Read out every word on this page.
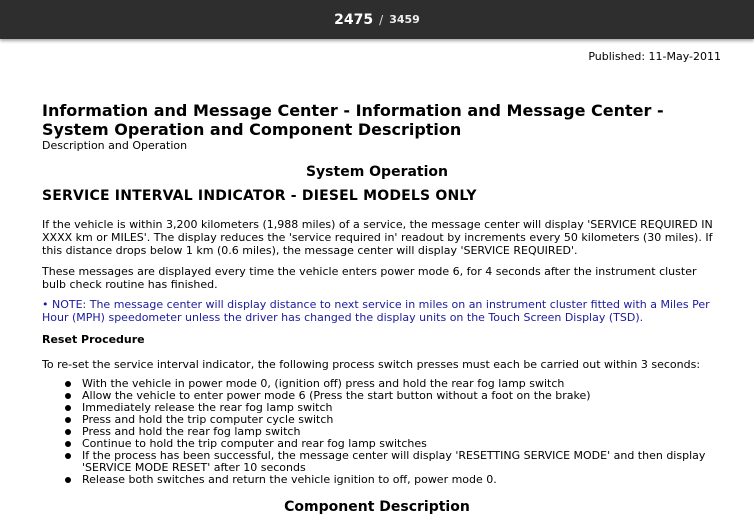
2475 / 3459
Published: 11-May-2011
Information and Message Center - Information and Message Center - System Operation and Component Description
Description and Operation
System Operation
SERVICE INTERVAL INDICATOR - DIESEL MODELS ONLY

If the vehicle is within 3,200 kilometers (1,988 miles) of a service, the message center will display 'SERVICE REQUIRED IN XXXX km or MILES'. The display reduces the 'service required in' readout by increments every 50 kilometers (30 miles). If this distance drops below 1 km (0.6 miles), the message center will display 'SERVICE REQUIRED'.

These messages are displayed every time the vehicle enters power mode 6, for 4 seconds after the instrument cluster bulb check routine has finished.

• NOTE: The message center will display distance to next service in miles on an instrument cluster fitted with a Miles Per Hour (MPH) speedometer unless the driver has changed the display units on the Touch Screen Display (TSD).

Reset Procedure

To re-set the service interval indicator, the following process switch presses must each be carried out within 3 seconds:

With the vehicle in power mode 0, (ignition off) press and hold the rear fog lamp switch
Allow the vehicle to enter power mode 6 (Press the start button without a foot on the brake)
Immediately release the rear fog lamp switch
Press and hold the trip computer cycle switch
Press and hold the rear fog lamp switch
Continue to hold the trip computer and rear fog lamp switches
If the process has been successful, the message center will display 'RESETTING SERVICE MODE' and then display 'SERVICE MODE RESET' after 10 seconds
Release both switches and return the vehicle ignition to off, power mode 0.
Component Description
